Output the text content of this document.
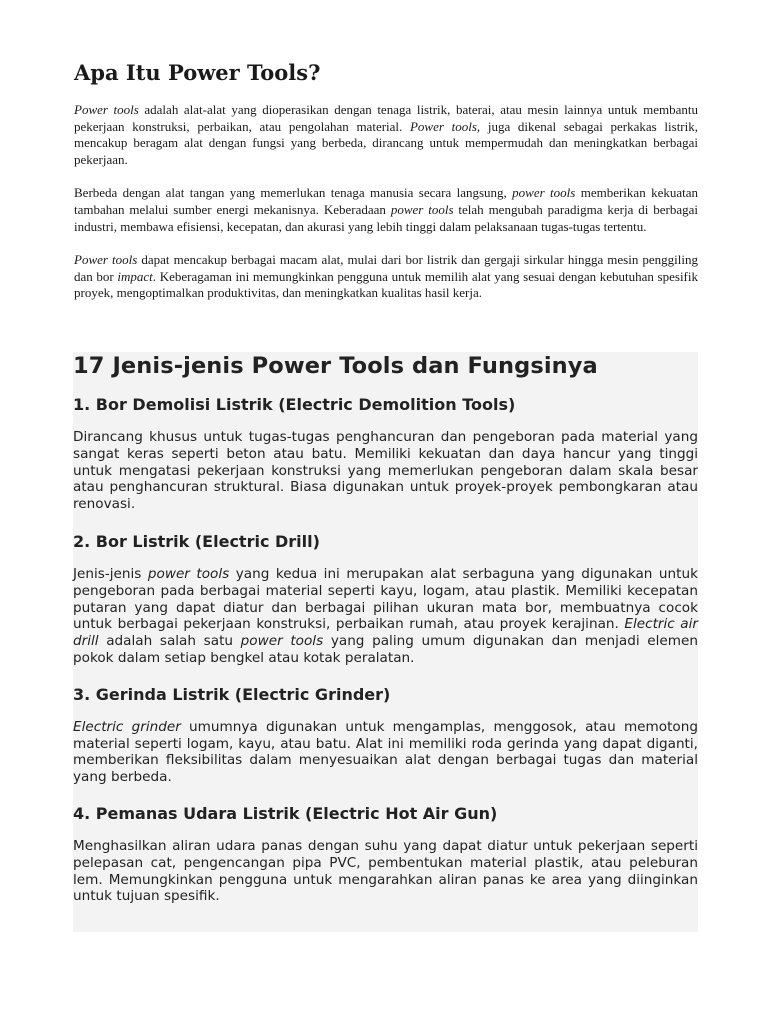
Apa Itu Power Tools?

Power tools adalah alat-alat yang dioperasikan dengan tenaga listrik, baterai, atau mesin lainnya untuk membantu pekerjaan konstruksi, perbaikan, atau pengolahan material. Power tools, juga dikenal sebagai perkakas listrik, mencakup beragam alat dengan fungsi yang berbeda, dirancang untuk mempermudah dan meningkatkan berbagai pekerjaan.

Berbeda dengan alat tangan yang memerlukan tenaga manusia secara langsung, power tools memberikan kekuatan tambahan melalui sumber energi mekanisnya. Keberadaan power tools telah mengubah paradigma kerja di berbagai industri, membawa efisiensi, kecepatan, dan akurasi yang lebih tinggi dalam pelaksanaan tugas-tugas tertentu.

Power tools dapat mencakup berbagai macam alat, mulai dari bor listrik dan gergaji sirkular hingga mesin penggiling dan bor impact. Keberagaman ini memungkinkan pengguna untuk memilih alat yang sesuai dengan kebutuhan spesifik proyek, mengoptimalkan produktivitas, dan meningkatkan kualitas hasil kerja.

17 Jenis-jenis Power Tools dan Fungsinya
1. Bor Demolisi Listrik (Electric Demolition Tools)

Dirancang khusus untuk tugas-tugas penghancuran dan pengeboran pada material yang sangat keras seperti beton atau batu. Memiliki kekuatan dan daya hancur yang tinggi untuk mengatasi pekerjaan konstruksi yang memerlukan pengeboran dalam skala besar atau penghancuran struktural. Biasa digunakan untuk proyek-proyek pembongkaran atau renovasi.

2. Bor Listrik (Electric Drill)

Jenis-jenis power tools yang kedua ini merupakan alat serbaguna yang digunakan untuk pengeboran pada berbagai material seperti kayu, logam, atau plastik. Memiliki kecepatan putaran yang dapat diatur dan berbagai pilihan ukuran mata bor, membuatnya cocok untuk berbagai pekerjaan konstruksi, perbaikan rumah, atau proyek kerajinan. Electric air drill adalah salah satu power tools yang paling umum digunakan dan menjadi elemen pokok dalam setiap bengkel atau kotak peralatan.

3. Gerinda Listrik (Electric Grinder)

Electric grinder umumnya digunakan untuk mengamplas, menggosok, atau memotong material seperti logam, kayu, atau batu. Alat ini memiliki roda gerinda yang dapat diganti, memberikan fleksibilitas dalam menyesuaikan alat dengan berbagai tugas dan material yang berbeda.

4. Pemanas Udara Listrik (Electric Hot Air Gun)

Menghasilkan aliran udara panas dengan suhu yang dapat diatur untuk pekerjaan seperti pelepasan cat, pengencangan pipa PVC, pembentukan material plastik, atau peleburan lem. Memungkinkan pengguna untuk mengarahkan aliran panas ke area yang diinginkan untuk tujuan spesifik.
